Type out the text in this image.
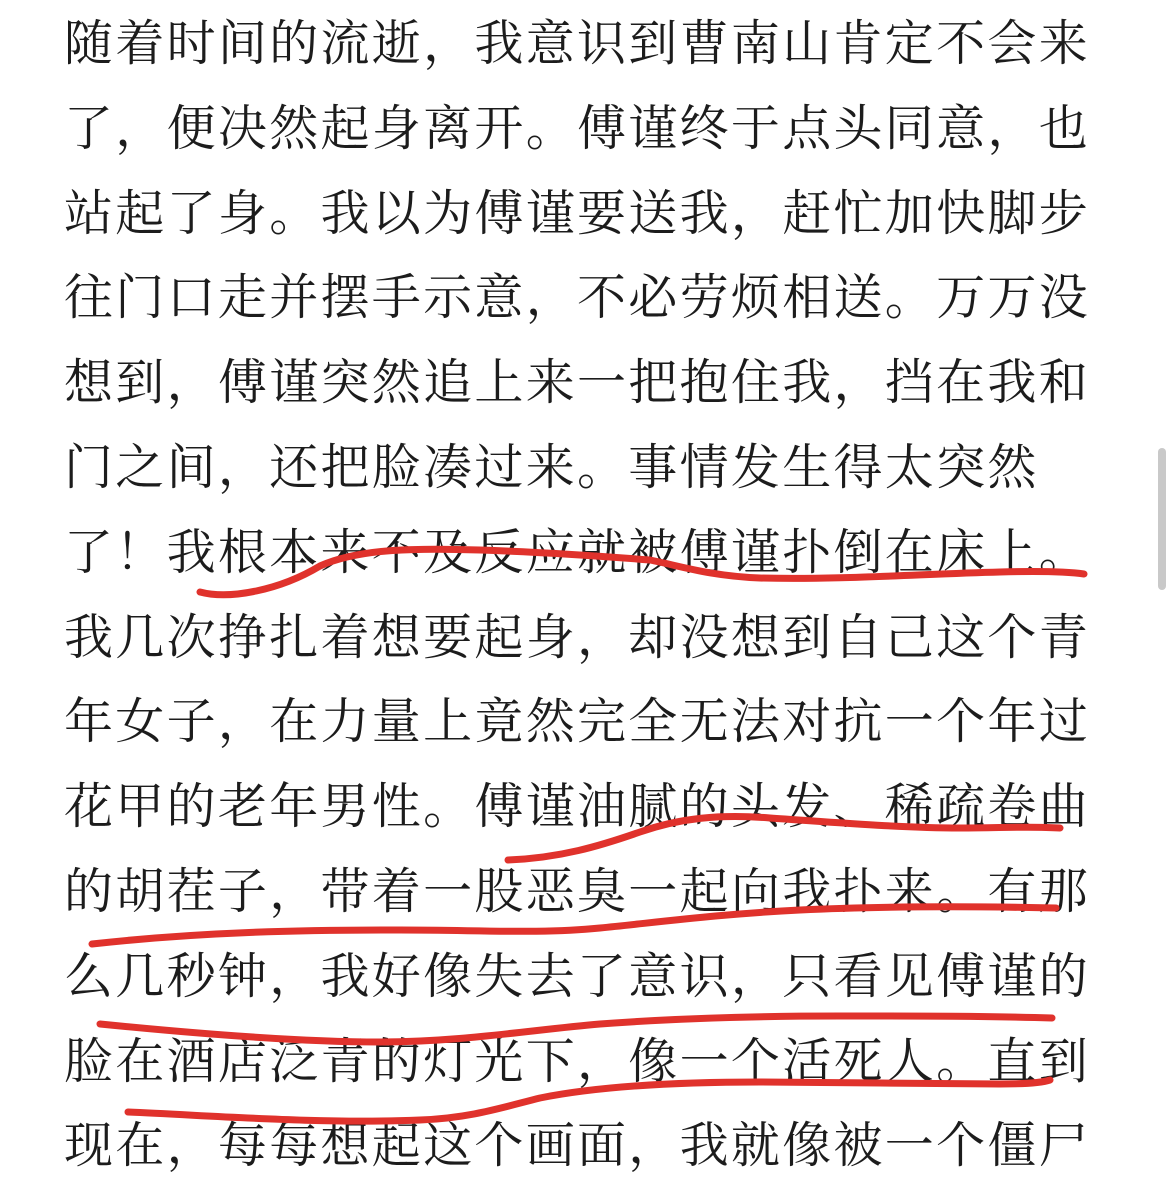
随着时间的流逝，我意识到曹南山肯定不会来
了，便决然起身离开。傅谨终于点头同意，也
站起了身。我以为傅谨要送我，赶忙加快脚步
往门口走并摆手示意，不必劳烦相送。万万没
想到，傅谨突然追上来一把抱住我，挡在我和
门之间，还把脸凑过来。事情发生得太突然
了！我根本来不及反应就被傅谨扑倒在床上。
我几次挣扎着想要起身，却没想到自己这个青
年女子，在力量上竟然完全无法对抗一个年过
花甲的老年男性。傅谨油腻的头发、稀疏卷曲
的胡茬子，带着一股恶臭一起向我扑来。有那
么几秒钟，我好像失去了意识，只看见傅谨的
脸在酒店泛青的灯光下，像一个活死人。直到
现在，每每想起这个画面，我就像被一个僵尸
